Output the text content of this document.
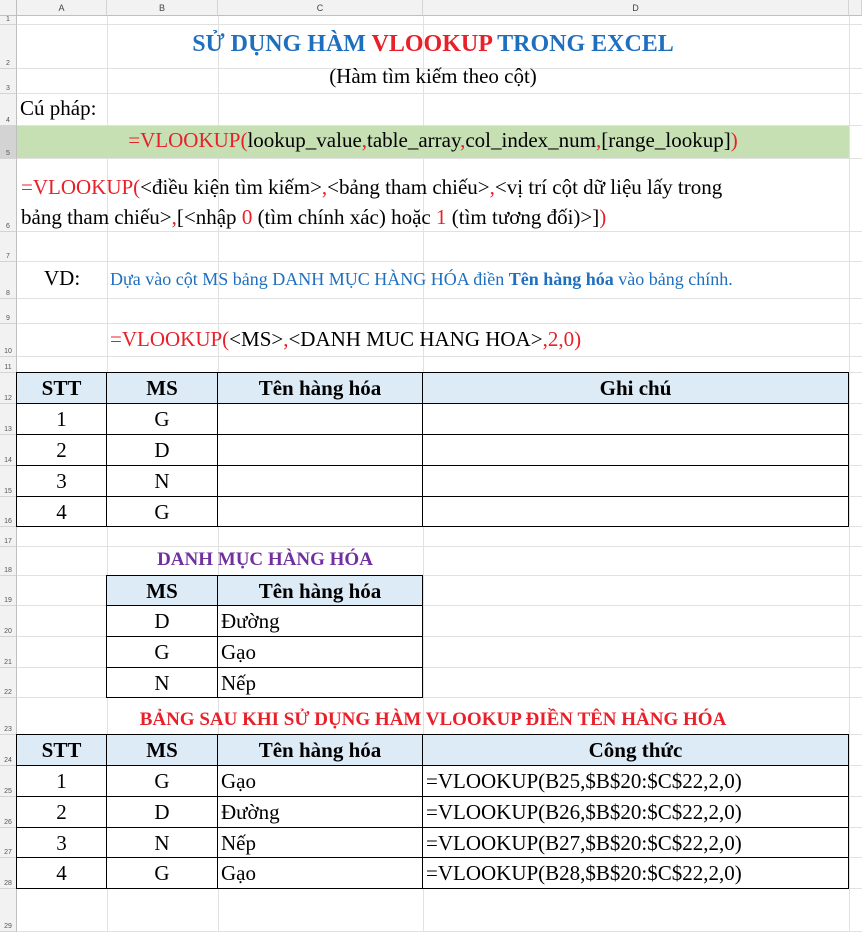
A	B	C	D
1
2
3
4
5
6
7
8
9
10
11
12
13
14
15
16
17
18
19
20
21
22
23
24
25
26
27
28
29
SỬ DỤNG HÀM VLOOKUP TRONG EXCEL
(Hàm tìm kiếm theo cột)
Cú pháp:
=VLOOKUP(lookup_value,table_array,col_index_num,[range_lookup])
=VLOOKUP(<điều kiện tìm kiếm>,<bảng tham chiếu>,<vị trí cột dữ liệu lấy trong
bảng tham chiếu>,[<nhập 0 (tìm chính xác) hoặc 1 (tìm tương đối)>])
VD: Dựa vào cột MS bảng DANH MỤC HÀNG HÓA điền Tên hàng hóa vào bảng chính.
=VLOOKUP(<MS>,<DANH MUC HANG HOA>,2,0)
STT	MS	Tên hàng hóa	Ghi chú
1	G
2	D
3	N
4	G
DANH MỤC HÀNG HÓA
MS	Tên hàng hóa
D	Đường
G	Gạo
N	Nếp
BẢNG SAU KHI SỬ DỤNG HÀM VLOOKUP ĐIỀN TÊN HÀNG HÓA
STT	MS	Tên hàng hóa	Công thức
1	G	Gạo	=VLOOKUP(B25,$B$20:$C$22,2,0)
2	D	Đường	=VLOOKUP(B26,$B$20:$C$22,2,0)
3	N	Nếp	=VLOOKUP(B27,$B$20:$C$22,2,0)
4	G	Gạo	=VLOOKUP(B28,$B$20:$C$22,2,0)
